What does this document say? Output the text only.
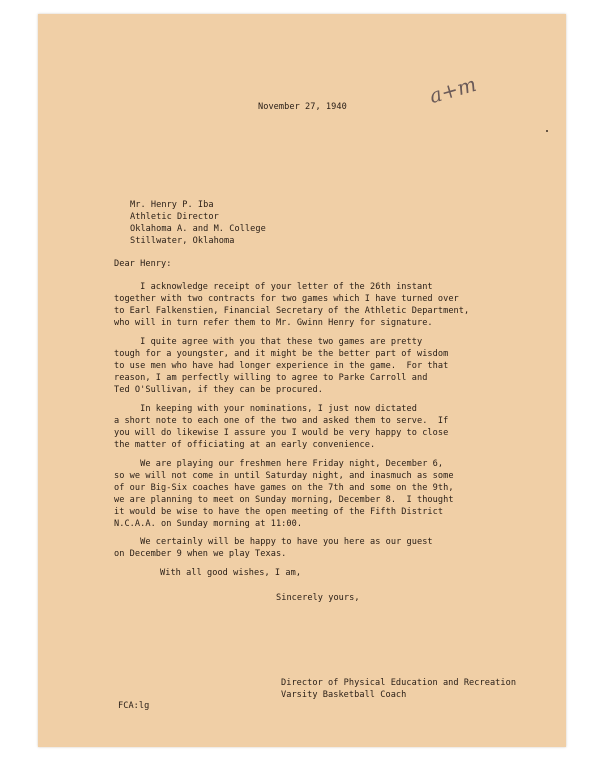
a+m
November 27, 1940
Mr. Henry P. Iba
Athletic Director
Oklahoma A. and M. College
Stillwater, Oklahoma
Dear Henry:
I acknowledge receipt of your letter of the 26th instant
together with two contracts for two games which I have turned over
to Earl Falkenstien, Financial Secretary of the Athletic Department,
who will in turn refer them to Mr. Gwinn Henry for signature.
I quite agree with you that these two games are pretty
tough for a youngster, and it might be the better part of wisdom
to use men who have had longer experience in the game.  For that
reason, I am perfectly willing to agree to Parke Carroll and
Ted O'Sullivan, if they can be procured.
In keeping with your nominations, I just now dictated
a short note to each one of the two and asked them to serve.  If
you will do likewise I assure you I would be very happy to close
the matter of officiating at an early convenience.
We are playing our freshmen here Friday night, December 6,
so we will not come in until Saturday night, and inasmuch as some
of our Big-Six coaches have games on the 7th and some on the 9th,
we are planning to meet on Sunday morning, December 8.  I thought
it would be wise to have the open meeting of the Fifth District
N.C.A.A. on Sunday morning at 11:00.
We certainly will be happy to have you here as our guest
on December 9 when we play Texas.
With all good wishes, I am,
Sincerely yours,
Director of Physical Education and Recreation
Varsity Basketball Coach
FCA:lg
